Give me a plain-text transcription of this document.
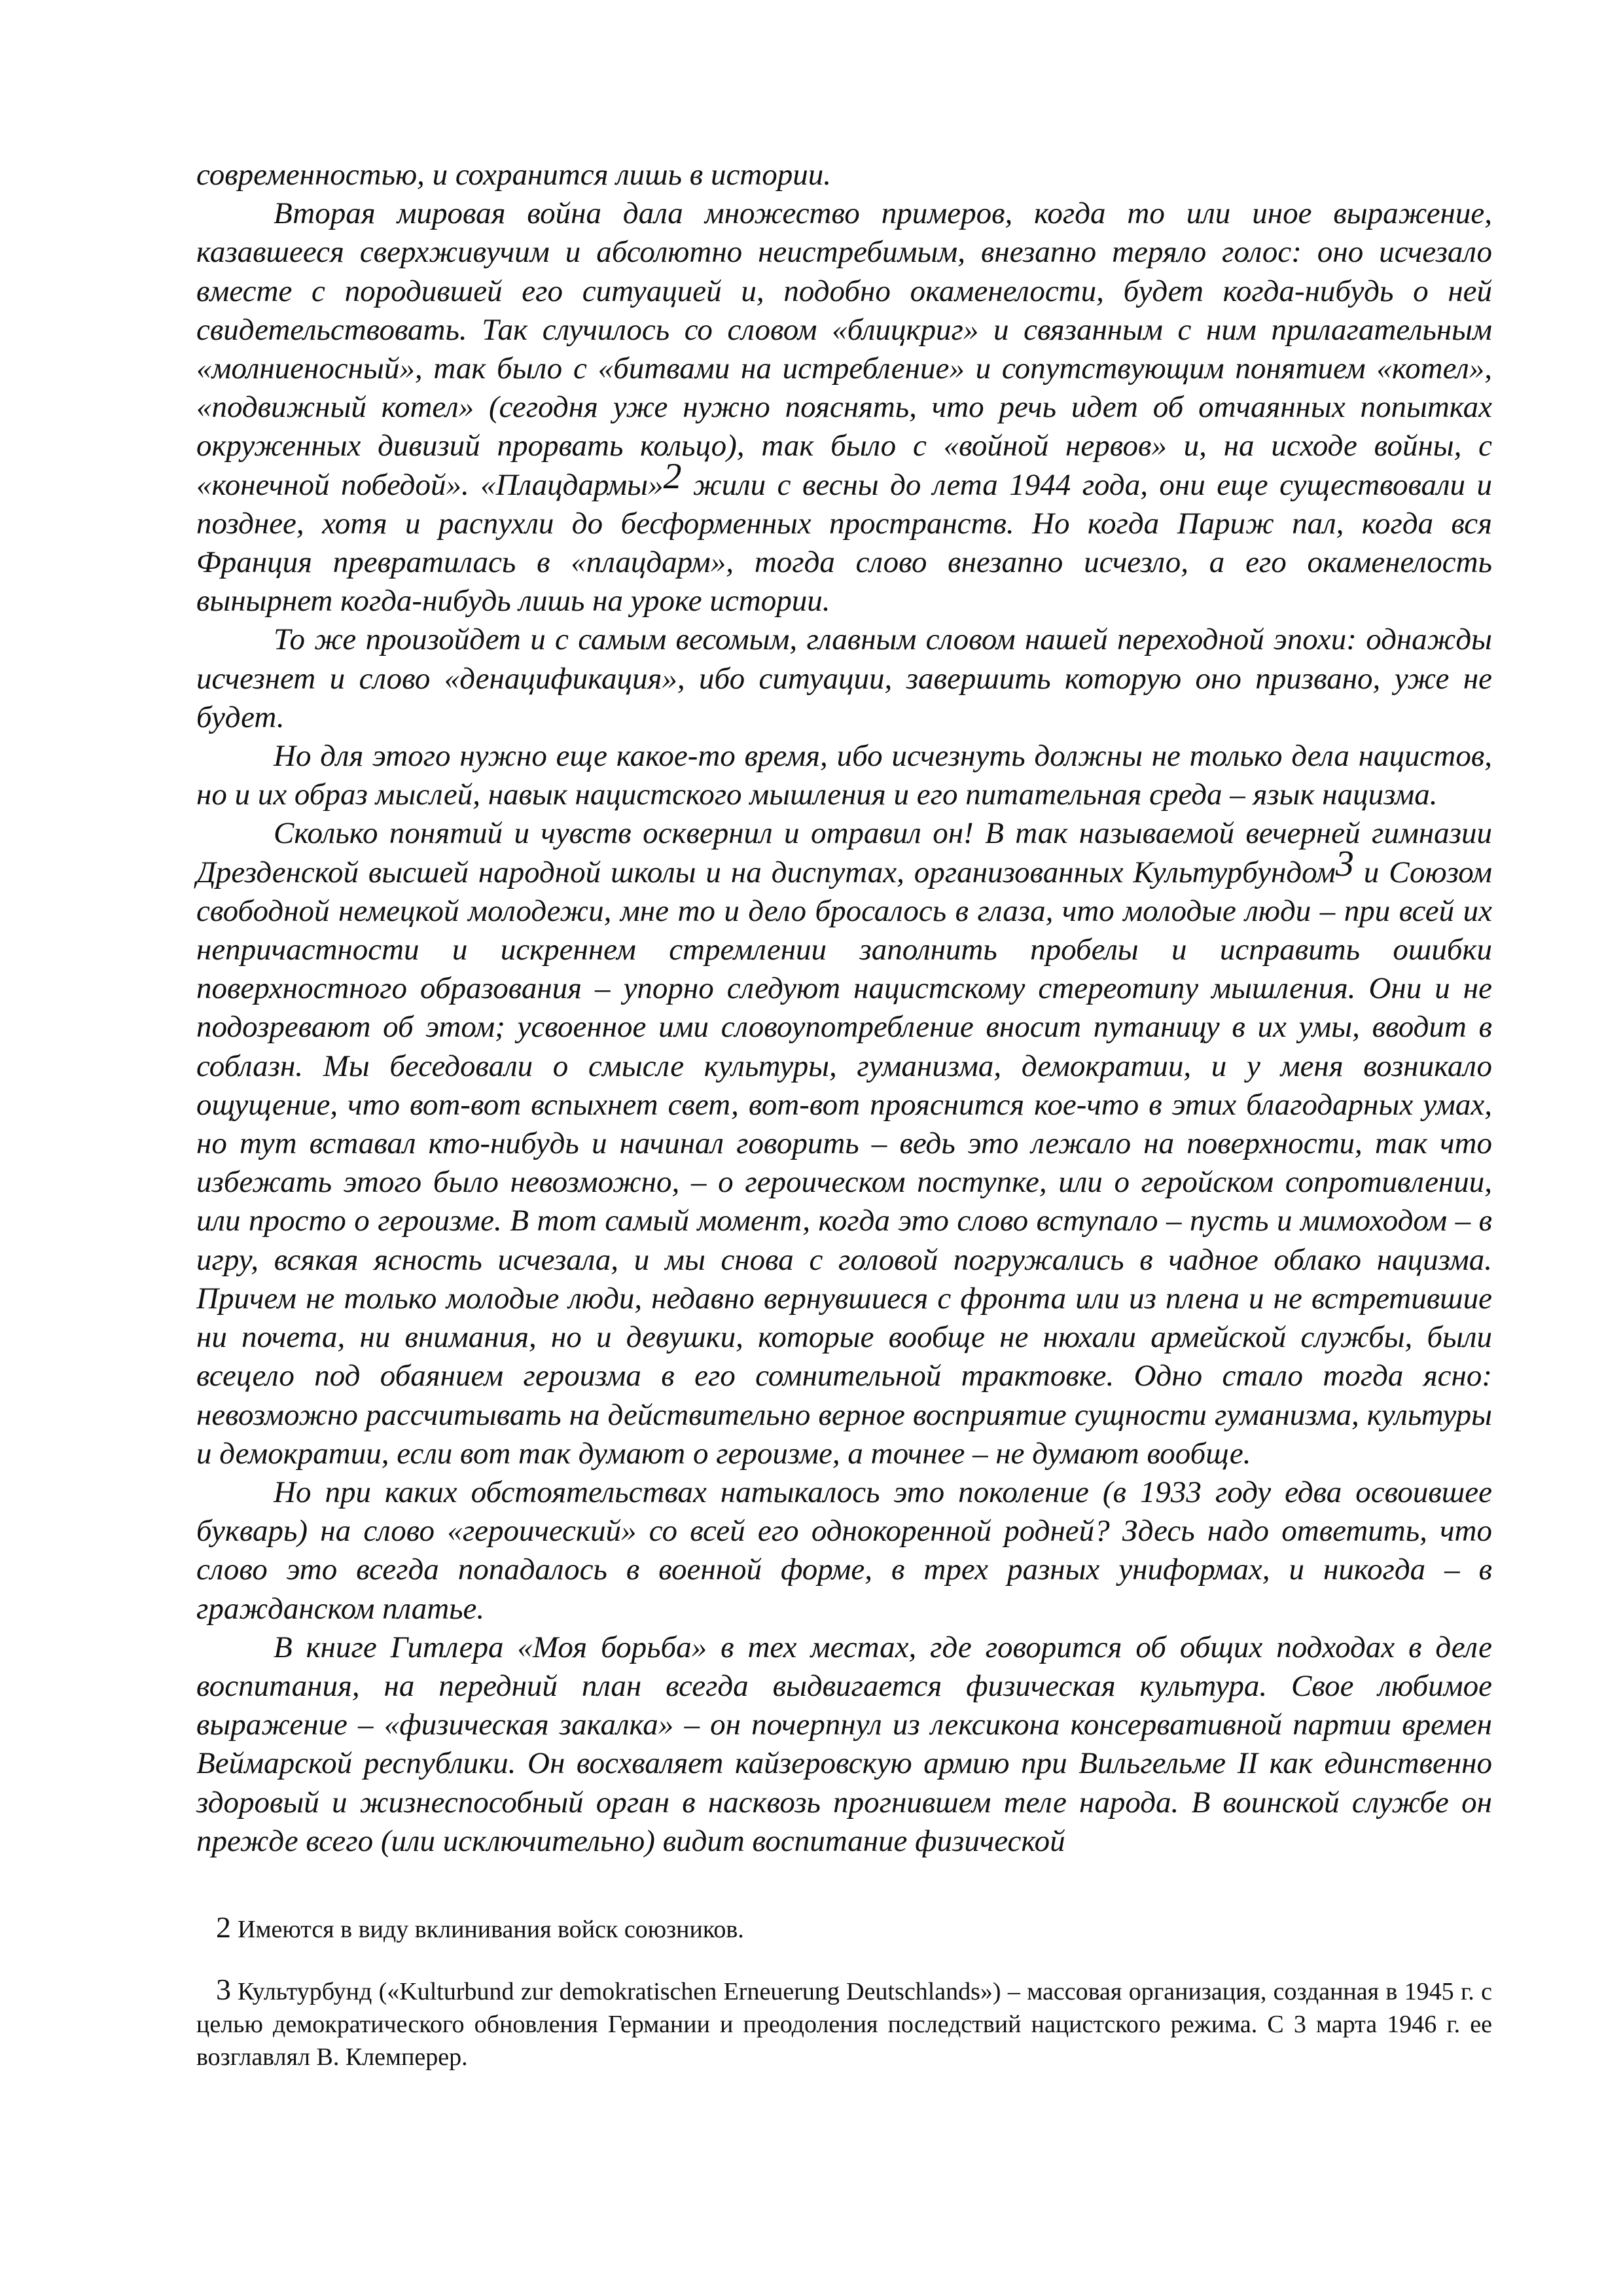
современностью, и сохранится лишь в истории.

Вторая мировая война дала множество примеров, когда то или иное выражение, казавшееся сверхживучим и абсолютно неистребимым, внезапно теряло голос: оно исчезало вместе с породившей его ситуацией и, подобно окаменелости, будет когда-нибудь о ней свидетельствовать. Так случилось со словом «блицкриг» и связанным с ним прилагательным «молниеносный», так было с «битвами на истребление» и сопутствующим понятием «котел», «подвижный котел» (сегодня уже нужно пояснять, что речь идет об отчаянных попытках окруженных дивизий прорвать кольцо), так было с «войной нервов» и, на исходе войны, с «конечной победой». «Плацдармы»2 жили с весны до лета 1944 года, они еще существовали и позднее, хотя и распухли до бесформенных пространств. Но когда Париж пал, когда вся Франция превратилась в «плацдарм», тогда слово внезапно исчезло, а его окаменелость вынырнет когда-нибудь лишь на уроке истории.

То же произойдет и с самым весомым, главным словом нашей переходной эпохи: однажды исчезнет и слово «денацификация», ибо ситуации, завершить которую оно призвано, уже не будет.

Но для этого нужно еще какое-то время, ибо исчезнуть должны не только дела нацистов, но и их образ мыслей, навык нацистского мышления и его питательная среда – язык нацизма.

Сколько понятий и чувств осквернил и отравил он! В так называемой вечерней гимназии Дрезденской высшей народной школы и на диспутах, организованных Культурбундом3 и Союзом свободной немецкой молодежи, мне то и дело бросалось в глаза, что молодые люди – при всей их непричастности и искреннем стремлении заполнить пробелы и исправить ошибки поверхностного образования – упорно следуют нацистскому стереотипу мышления. Они и не подозревают об этом; усвоенное ими словоупотребление вносит путаницу в их умы, вводит в соблазн. Мы беседовали о смысле культуры, гуманизма, демократии, и у меня возникало ощущение, что вот-вот вспыхнет свет, вот-вот прояснится кое-что в этих благодарных умах, но тут вставал кто-нибудь и начинал говорить – ведь это лежало на поверхности, так что избежать этого было невозможно, – о героическом поступке, или о геройском сопротивлении, или просто о героизме. В тот самый момент, когда это слово вступало – пусть и мимоходом – в игру, всякая ясность исчезала, и мы снова с головой погружались в чадное облако нацизма. Причем не только молодые люди, недавно вернувшиеся с фронта или из плена и не встретившие ни почета, ни внимания, но и девушки, которые вообще не нюхали армейской службы, были всецело под обаянием героизма в его сомнительной трактовке. Одно стало тогда ясно: невозможно рассчитывать на действительно верное восприятие сущности гуманизма, культуры и демократии, если вот так думают о героизме, а точнее – не думают вообще.

Но при каких обстоятельствах натыкалось это поколение (в 1933 году едва освоившее букварь) на слово «героический» со всей его однокоренной родней? Здесь надо ответить, что слово это всегда попадалось в военной форме, в трех разных униформах, и никогда – в гражданском платье.

В книге Гитлера «Моя борьба» в тех местах, где говорится об общих подходах в деле воспитания, на передний план всегда выдвигается физическая культура. Свое любимое выражение – «физическая закалка» – он почерпнул из лексикона консервативной партии времен Веймарской республики. Он восхваляет кайзеровскую армию при Вильгельме II как единственно здоровый и жизнеспособный орган в насквозь прогнившем теле народа. В воинской службе он прежде всего (или исключительно) видит воспитание физической

2 Имеются в виду вклинивания войск союзников.

3 Культурбунд («Kulturbund zur demokratischen Erneuerung Deutschlands») – массовая организация, созданная в 1945 г. с целью демократического обновления Германии и преодоления последствий нацистского режима. С 3 марта 1946 г. ее возглавлял В. Клемперер.
